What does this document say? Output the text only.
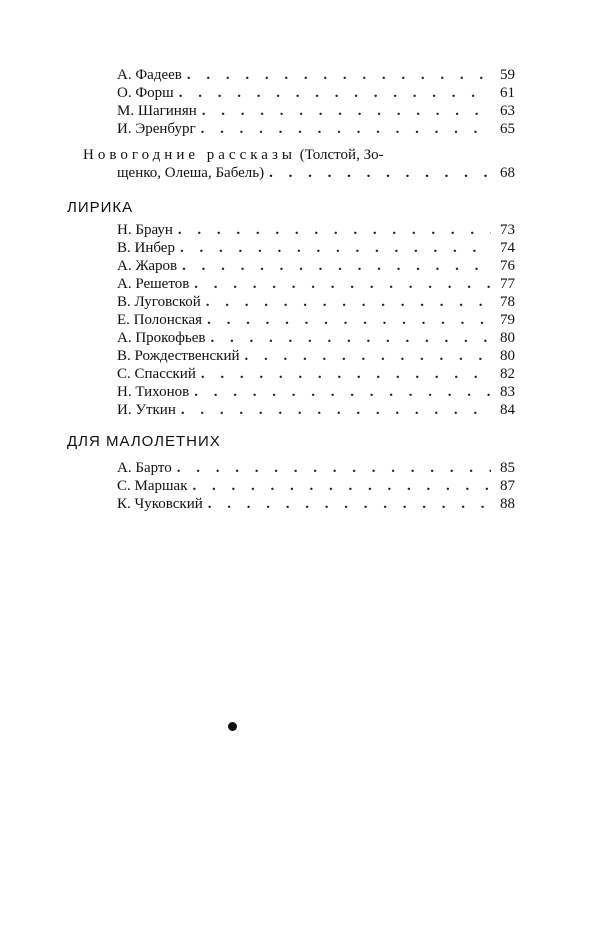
А. Фадеев . . .	59
О. Форш . . .	61
М. Шагинян . . .	63
И. Эренбург . . .	65
Новогодние рассказы (Толстой, Зо-
щенко, Олеша, Бабель) . . .	68
ЛИРИКА
Н. Браун . . .	73
В. Инбер . . .	74
А. Жаров . . .	76
А. Решетов . . .	77
В. Луговской . . .	78
Е. Полонская . . .	79
А. Прокофьев . . .	80
В. Рождественский . . .	80
С. Спасский . . .	82
Н. Тихонов . . .	83
И. Уткин . . .	84
ДЛЯ МАЛОЛЕТНИХ
А. Барто . . .	85
С. Маршак . . .	87
К. Чуковский . . .	88
